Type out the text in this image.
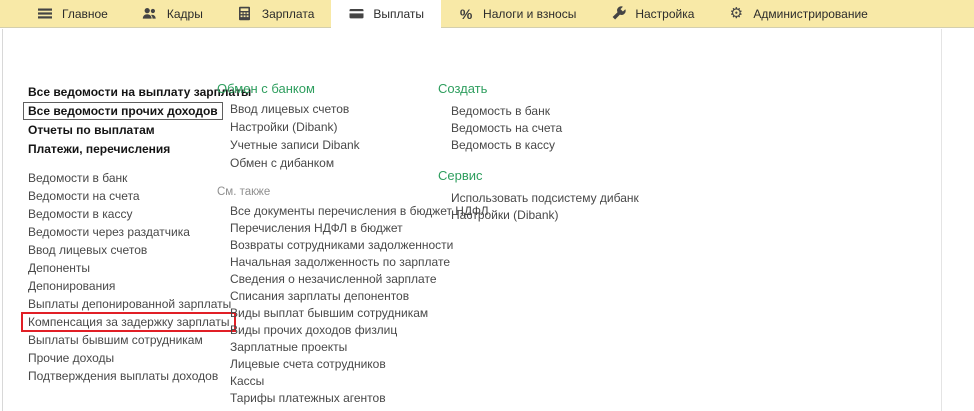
Главное	Кадры	Зарплата	Выплаты	% Налоги и взносы	Настройка ⚙ Администрирование
Все ведомости на выплату зарплаты
Все ведомости прочих доходов
Отчеты по выплатам
Платежи, перечисления
Ведомости в банк
Ведомости на счета
Ведомости в кассу
Ведомости через раздатчика
Ввод лицевых счетов
Депоненты
Депонирования
Выплаты депонированной зарплаты
Компенсация за задержку зарплаты
Выплаты бывшим сотрудникам
Прочие доходы
Подтверждения выплаты доходов
Обмен с банком
Ввод лицевых счетов
Настройки (Dibank)
Учетные записи Dibank
Обмен с дибанком
См. также
Все документы перечисления в бюджет НДФЛ
Перечисления НДФЛ в бюджет
Возвраты сотрудниками задолженности
Начальная задолженность по зарплате
Сведения о незачисленной зарплате
Списания зарплаты депонентов
Виды выплат бывшим сотрудникам
Виды прочих доходов физлиц
Зарплатные проекты
Лицевые счета сотрудников
Кассы
Тарифы платежных агентов
Создать
Ведомость в банк
Ведомость на счета
Ведомость в кассу
Сервис
Использовать подсистему дибанк
Настройки (Dibank)
